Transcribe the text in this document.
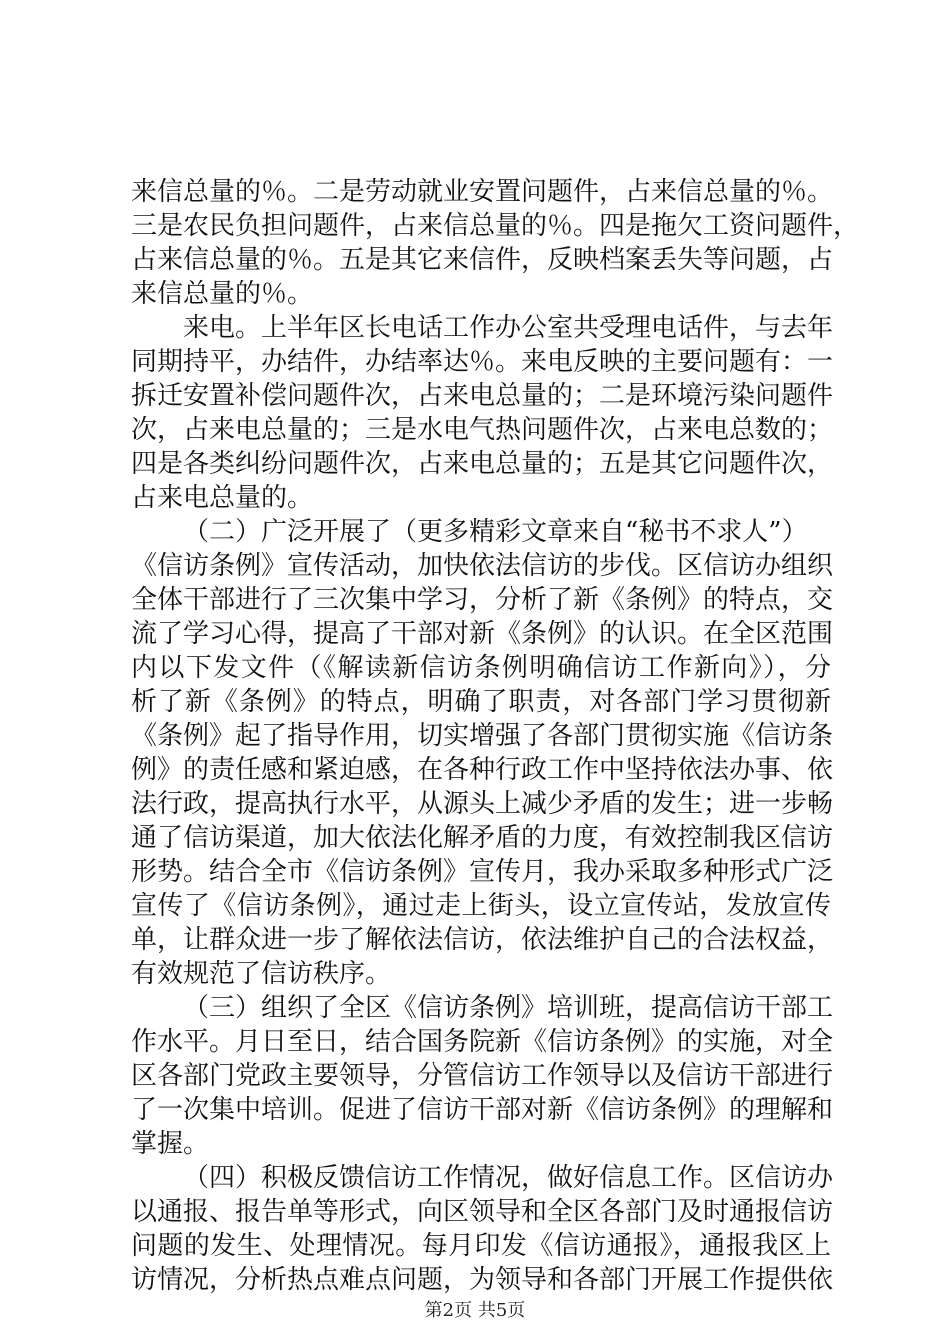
来信总量的％。二是劳动就业安置问题件，占来信总量的％。
三是农民负担问题件，占来信总量的％。四是拖欠工资问题件，
占来信总量的％。五是其它来信件，反映档案丢失等问题，占
来信总量的％。
来电。上半年区长电话工作办公室共受理电话件，与去年
同期持平，办结件，办结率达％。来电反映的主要问题有：一
拆迁安置补偿问题件次，占来电总量的；二是环境污染问题件
次，占来电总量的；三是水电气热问题件次，占来电总数的；
四是各类纠纷问题件次，占来电总量的；五是其它问题件次，
占来电总量的。
（二）广泛开展了（更多精彩文章来自“秘书不求人”）
《信访条例》宣传活动，加快依法信访的步伐。区信访办组织
全体干部进行了三次集中学习，分析了新《条例》的特点，交
流了学习心得，提高了干部对新《条例》的认识。在全区范围
内以下发文件（《解读新信访条例明确信访工作新向》），分
析了新《条例》的特点，明确了职责，对各部门学习贯彻新
《条例》起了指导作用，切实增强了各部门贯彻实施《信访条
例》的责任感和紧迫感，在各种行政工作中坚持依法办事、依
法行政，提高执行水平，从源头上减少矛盾的发生；进一步畅
通了信访渠道，加大依法化解矛盾的力度，有效控制我区信访
形势。结合全市《信访条例》宣传月，我办采取多种形式广泛
宣传了《信访条例》，通过走上街头，设立宣传站，发放宣传
单，让群众进一步了解依法信访，依法维护自己的合法权益，
有效规范了信访秩序。
（三）组织了全区《信访条例》培训班，提高信访干部工
作水平。月日至日，结合国务院新《信访条例》的实施，对全
区各部门党政主要领导，分管信访工作领导以及信访干部进行
了一次集中培训。促进了信访干部对新《信访条例》的理解和
掌握。
（四）积极反馈信访工作情况，做好信息工作。区信访办
以通报、报告单等形式，向区领导和全区各部门及时通报信访
问题的发生、处理情况。每月印发《信访通报》，通报我区上
访情况，分析热点难点问题，为领导和各部门开展工作提供依
第2页 共5页
